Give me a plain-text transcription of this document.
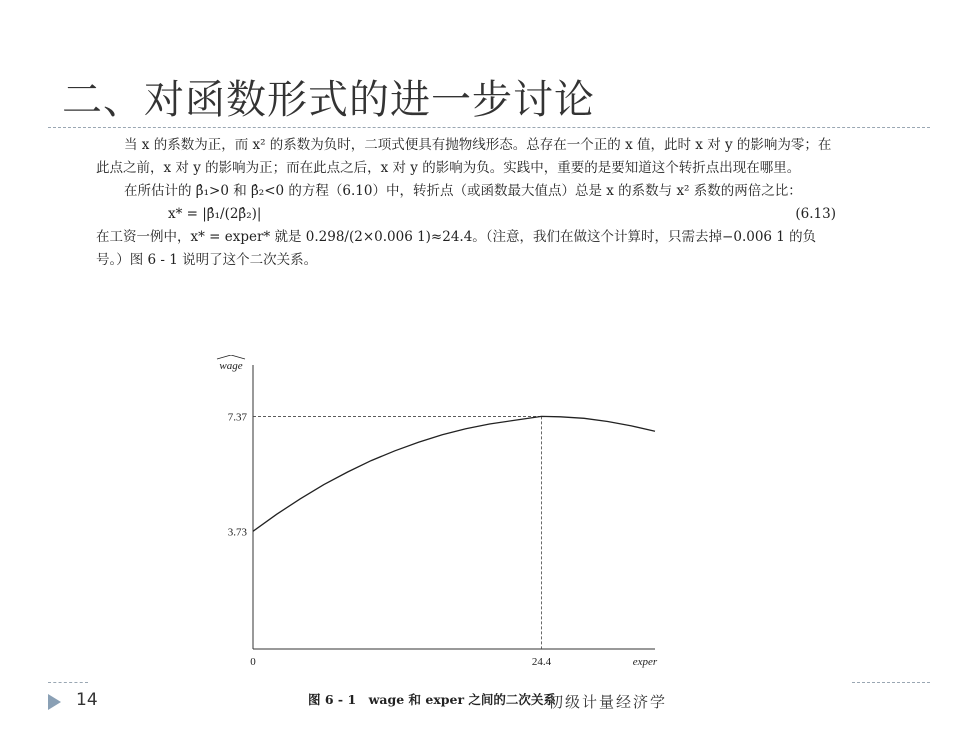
二、对函数形式的进一步讨论

当 x 的系数为正，而 x² 的系数为负时，二项式便具有抛物线形态。总存在一个正的 x 值，此时 x 对 y 的影响为零；在此点之前，x 对 y 的影响为正；而在此点之后，x 对 y 的影响为负。实践中，重要的是要知道这个转折点出现在哪里。

在所估计的 β̂₁>0 和 β̂₂<0 的方程（6.10）中，转折点（或函数最大值点）总是 x 的系数与 x² 系数的两倍之比：

x* = |β̂₁/(2β̂₂)|	(6.13)

在工资一例中，x* = exper* 就是 0.298/(2×0.006 1)≈24.4。（注意，我们在做这个计算时，只需去掉−0.006 1 的负号。）图 6 - 1 说明了这个二次关系。

3.73
7.37
0	24.4	exper
wage
图 6 - 1　wage 和 exper 之间的二次关系
14	初级计量经济学
